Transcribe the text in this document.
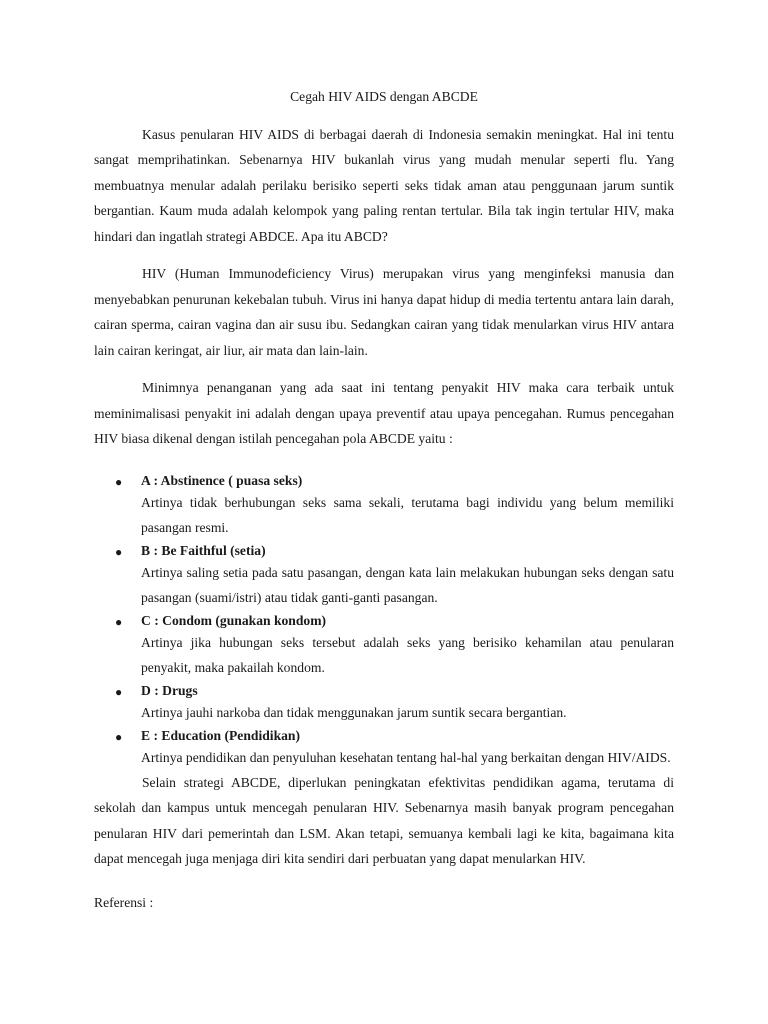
Cegah HIV AIDS dengan ABCDE

Kasus penularan HIV AIDS di berbagai daerah di Indonesia semakin meningkat. Hal ini tentu sangat memprihatinkan. Sebenarnya HIV bukanlah virus yang mudah menular seperti flu. Yang membuatnya menular adalah perilaku berisiko seperti seks tidak aman atau penggunaan jarum suntik bergantian. Kaum muda adalah kelompok yang paling rentan tertular. Bila tak ingin tertular HIV, maka hindari dan ingatlah strategi ABDCE. Apa itu ABCD?

HIV (Human Immunodeficiency Virus) merupakan virus yang menginfeksi manusia dan menyebabkan penurunan kekebalan tubuh. Virus ini hanya dapat hidup di media tertentu antara lain darah, cairan sperma, cairan vagina dan air susu ibu. Sedangkan cairan yang tidak menularkan virus HIV antara lain cairan keringat, air liur, air mata dan lain-lain.

Minimnya penanganan yang ada saat ini tentang penyakit HIV maka cara terbaik untuk meminimalisasi penyakit ini adalah dengan upaya preventif atau upaya pencegahan. Rumus pencegahan HIV biasa dikenal dengan istilah pencegahan pola ABCDE yaitu :

● A : Abstinence ( puasa seks)
Artinya tidak berhubungan seks sama sekali, terutama bagi individu yang belum memiliki pasangan resmi.
● B : Be Faithful (setia)
Artinya saling setia pada satu pasangan, dengan kata lain melakukan hubungan seks dengan satu pasangan (suami/istri) atau tidak ganti-ganti pasangan.
● C : Condom (gunakan kondom)
Artinya jika hubungan seks tersebut adalah seks yang berisiko kehamilan atau penularan penyakit, maka pakailah kondom.
● D : Drugs
Artinya jauhi narkoba dan tidak menggunakan jarum suntik secara bergantian.
● E : Education (Pendidikan)
Artinya pendidikan dan penyuluhan kesehatan tentang hal-hal yang berkaitan dengan HIV/AIDS.

Selain strategi ABCDE, diperlukan peningkatan efektivitas pendidikan agama, terutama di sekolah dan kampus untuk mencegah penularan HIV. Sebenarnya masih banyak program pencegahan penularan HIV dari pemerintah dan LSM. Akan tetapi, semuanya kembali lagi ke kita, bagaimana kita dapat mencegah juga menjaga diri kita sendiri dari perbuatan yang dapat menularkan HIV.

Referensi :
